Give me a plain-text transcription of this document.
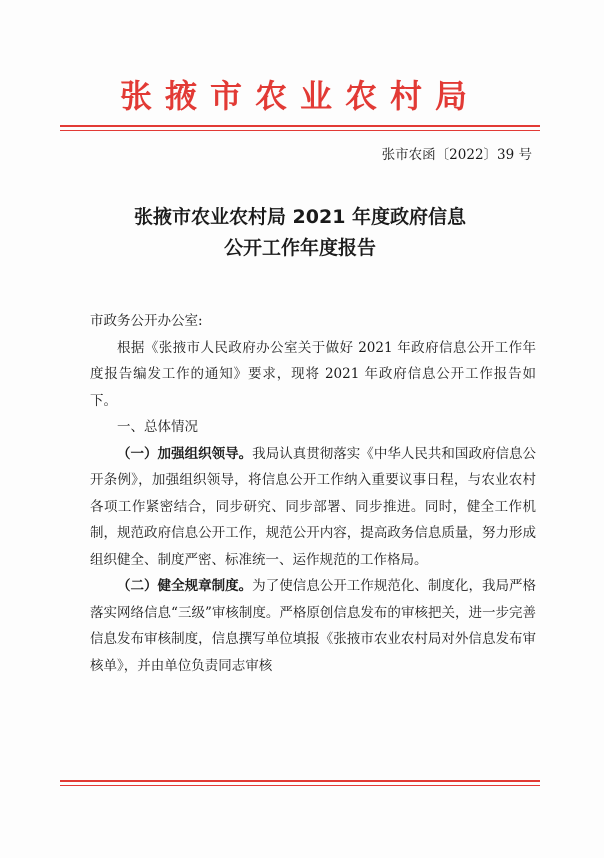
张掖市农业农村局
张市农函〔2022〕39 号
张掖市农业农村局 2021 年度政府信息
公开工作年度报告

市政务公开办公室:

根据《张掖市人民政府办公室关于做好 2021 年政府信息公开工作年度报告编发工作的通知》要求，现将 2021 年政府信息公开工作报告如下。

一、总体情况

（一）加强组织领导。我局认真贯彻落实《中华人民共和国政府信息公开条例》，加强组织领导，将信息公开工作纳入重要议事日程，与农业农村各项工作紧密结合，同步研究、同步部署、同步推进。同时，健全工作机制，规范政府信息公开工作，规范公开内容，提高政务信息质量，努力形成组织健全、制度严密、标准统一、运作规范的工作格局。

（二）健全规章制度。为了使信息公开工作规范化、制度化，我局严格落实网络信息“三级”审核制度。严格原创信息发布的审核把关，进一步完善信息发布审核制度，信息撰写单位填报《张掖市农业农村局对外信息发布审核单》，并由单位负责同志审核
